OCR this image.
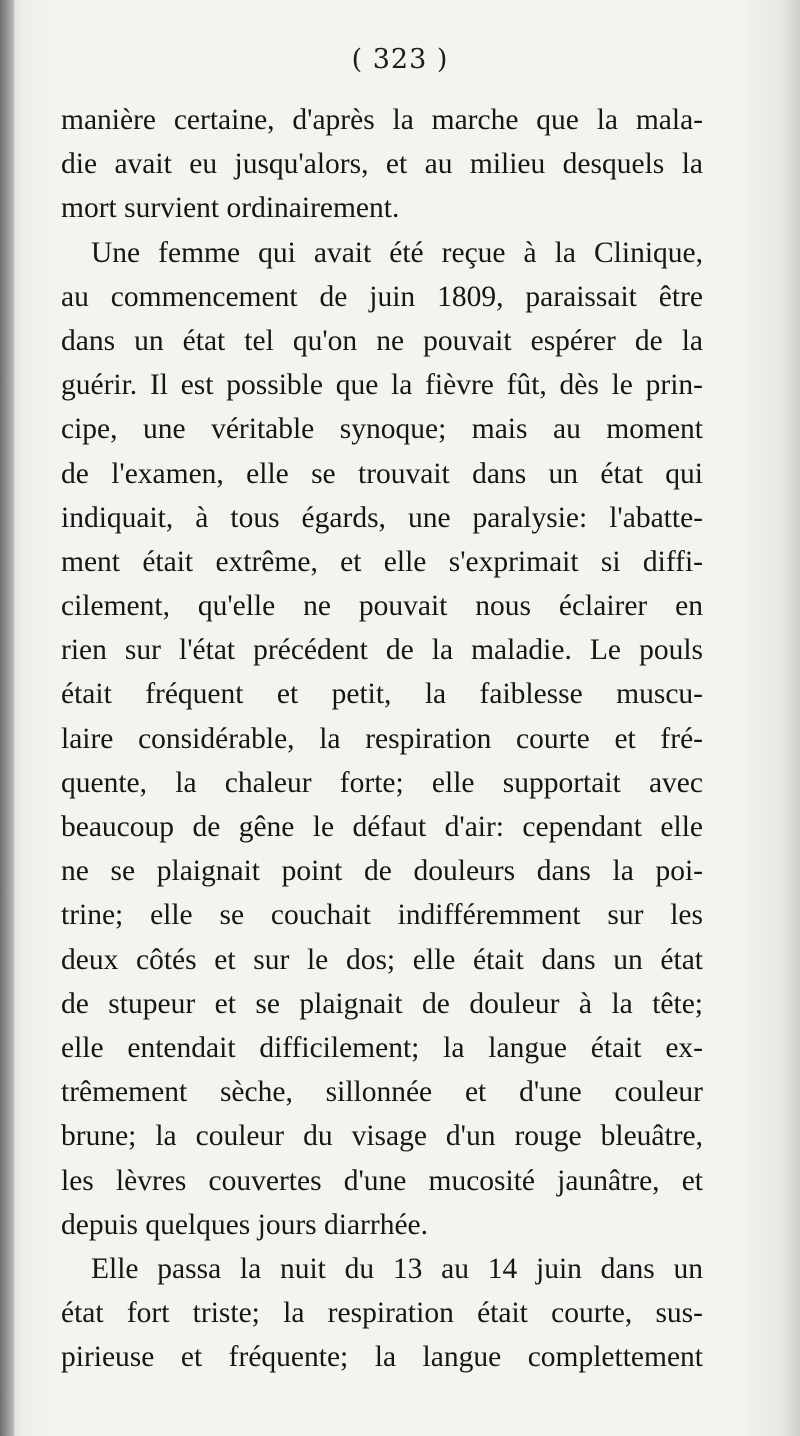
( 323 )
manière certaine, d'après la marche que la mala-
die avait eu jusqu'alors, et au milieu desquels la
mort survient ordinairement.
Une femme qui avait été reçue à la Clinique,
au commencement de juin 1809, paraissait être
dans un état tel qu'on ne pouvait espérer de la
guérir. Il est possible que la fièvre fût, dès le prin-
cipe, une véritable synoque; mais au moment
de l'examen, elle se trouvait dans un état qui
indiquait, à tous égards, une paralysie: l'abatte-
ment était extrême, et elle s'exprimait si diffi-
cilement, qu'elle ne pouvait nous éclairer en
rien sur l'état précédent de la maladie. Le pouls
était fréquent et petit, la faiblesse muscu-
laire considérable, la respiration courte et fré-
quente, la chaleur forte; elle supportait avec
beaucoup de gêne le défaut d'air: cependant elle
ne se plaignait point de douleurs dans la poi-
trine; elle se couchait indifféremment sur les
deux côtés et sur le dos; elle était dans un état
de stupeur et se plaignait de douleur à la tête;
elle entendait difficilement; la langue était ex-
trêmement sèche, sillonnée et d'une couleur
brune; la couleur du visage d'un rouge bleuâtre,
les lèvres couvertes d'une mucosité jaunâtre, et
depuis quelques jours diarrhée.
Elle passa la nuit du 13 au 14 juin dans un
état fort triste; la respiration était courte, sus-
pirieuse et fréquente; la langue complettement
